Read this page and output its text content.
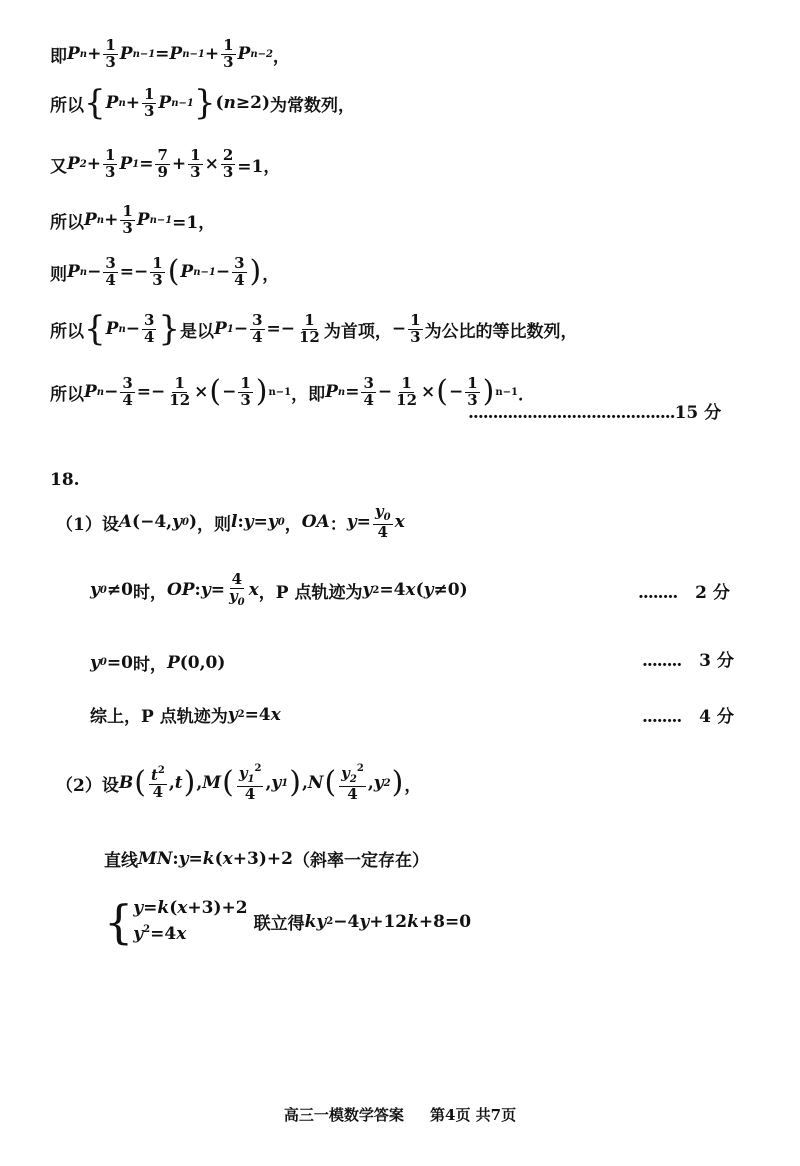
即 P $n + \frac{1}{3}$ P n−1 = P $n-1 + \frac{1}{3}$ P n−2 ，
所以 { P $n + \frac{1}{3}$ P n−1 } ( n ≥2) 为常数列，
又 P $2 + \frac{1}{3}$ P $1 = \frac{7}{9} + \frac{1}{3} \times \frac{2}{3} =1$，
所以 P $n + \frac{1}{3}$ P n−1 =1，
则 P $n - \frac{3}{4} =- \frac{1}{3}$ ( P $n-1 - \frac{3}{4}$ ) ，
所以 { P $n - \frac{3}{4}$ } 是以 P $1 - \frac{3}{4} =- \frac{1}{12}$ 为首项， − $\frac{1}{3}$ 为公比的等比数列，
所以 P $n - \frac{3}{4} =- \frac{1}{12}$ × ( − $\frac{1}{3}$ ) n−1 ，即 P $n = \frac{3}{4} - \frac{1}{12}$ × ( − $\frac{1}{3}$ ) n−1 ．
..........................................15 分
18.
（1）设 A (−4, y 0 ) ，则 l : y = y 0 ， OA ： $y = \frac{y_0}{4}$ x
y 0 ≠0 时， OP : $y = \frac{4}{y_0}$ x ，P 点轨迹为 y 2 =4 x ( y ≠0)	........ 2 分
y 0 =0 时， P (0,0)	........ 3 分
综上，P 点轨迹为 y 2 =4 x	........ 4 分
（2）设 B ( $\frac{t^2}{4}$ , t ) , M ( $\frac{y_1^2}{4}$ , y 1 ) , N ( $\frac{y_2^2}{4}$ , y 2 ) ，
直线 MN : y = k ( x +3)+2 （斜率一定存在）
{ y=k(x+3)+2
$y^2=4x$	联立得 ky 2 −4 y +12 k +8=0
高三一模数学答案 第4页 共7页
